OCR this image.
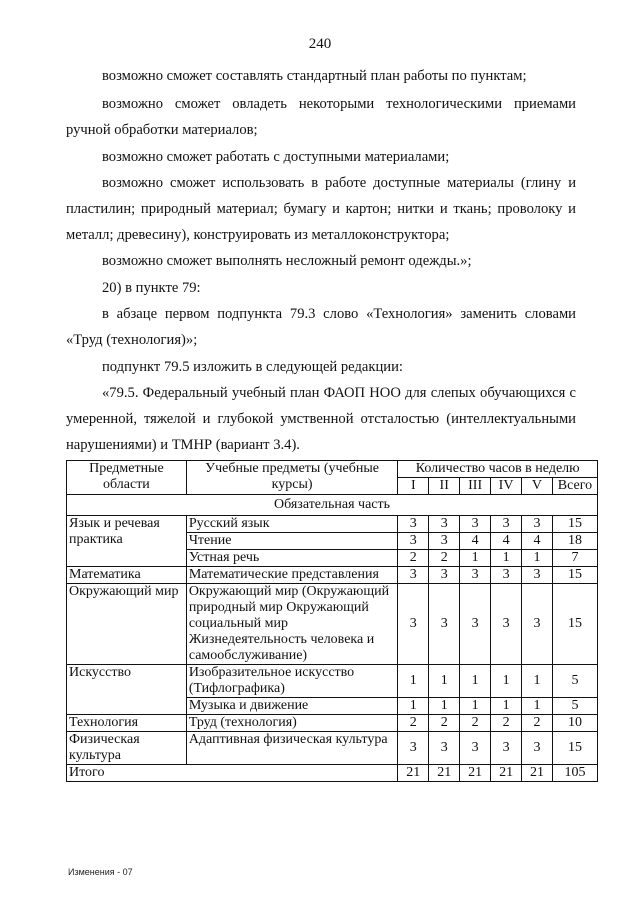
240

возможно сможет составлять стандартный план работы по пунктам;

возможно сможет овладеть некоторыми технологическими приемами ручной обработки материалов;

возможно сможет работать с доступными материалами;

возможно сможет использовать в работе доступные материалы (глину и пластилин; природный материал; бумагу и картон; нитки и ткань; проволоку и металл; древесину), конструировать из металлоконструктора;

возможно сможет выполнять несложный ремонт одежды.»;

20) в пункте 79:

в абзаце первом подпункта 79.3 слово «Технология» заменить словами «Труд (технология)»;

подпункт 79.5 изложить в следующей редакции:

«79.5. Федеральный учебный план ФАОП НОО для слепых обучающихся с умеренной, тяжелой и глубокой умственной отсталостью (интеллектуальными нарушениями) и ТМНР (вариант 3.4).

Предметные области	Учебные предметы (учебные курсы)	Количество часов в неделю					
		I	II	III	IV	V	Всего
Обязательная часть							
Язык и речевая практика	Русский язык	3	3	3	3	3	15
	Чтение	3	3	4	4	4	18
	Устная речь	2	2	1	1	1	7
Математика	Математические представления	3	3	3	3	3	15
Окружающий мир	Окружающий мир (Окружающий природный мир Окружающий социальный мир Жизнедеятельность человека и самообслуживание)	3	3	3	3	3	15
Искусство	Изобразительное искусство (Тифлографика)	1	1	1	1	1	5
	Музыка и движение	1	1	1	1	1	5
Технология	Труд (технология)	2	2	2	2	2	10
Физическая культура	Адаптивная физическая культура	3	3	3	3	3	15
Итого		21	21	21	21	21	105
Изменения - 07
